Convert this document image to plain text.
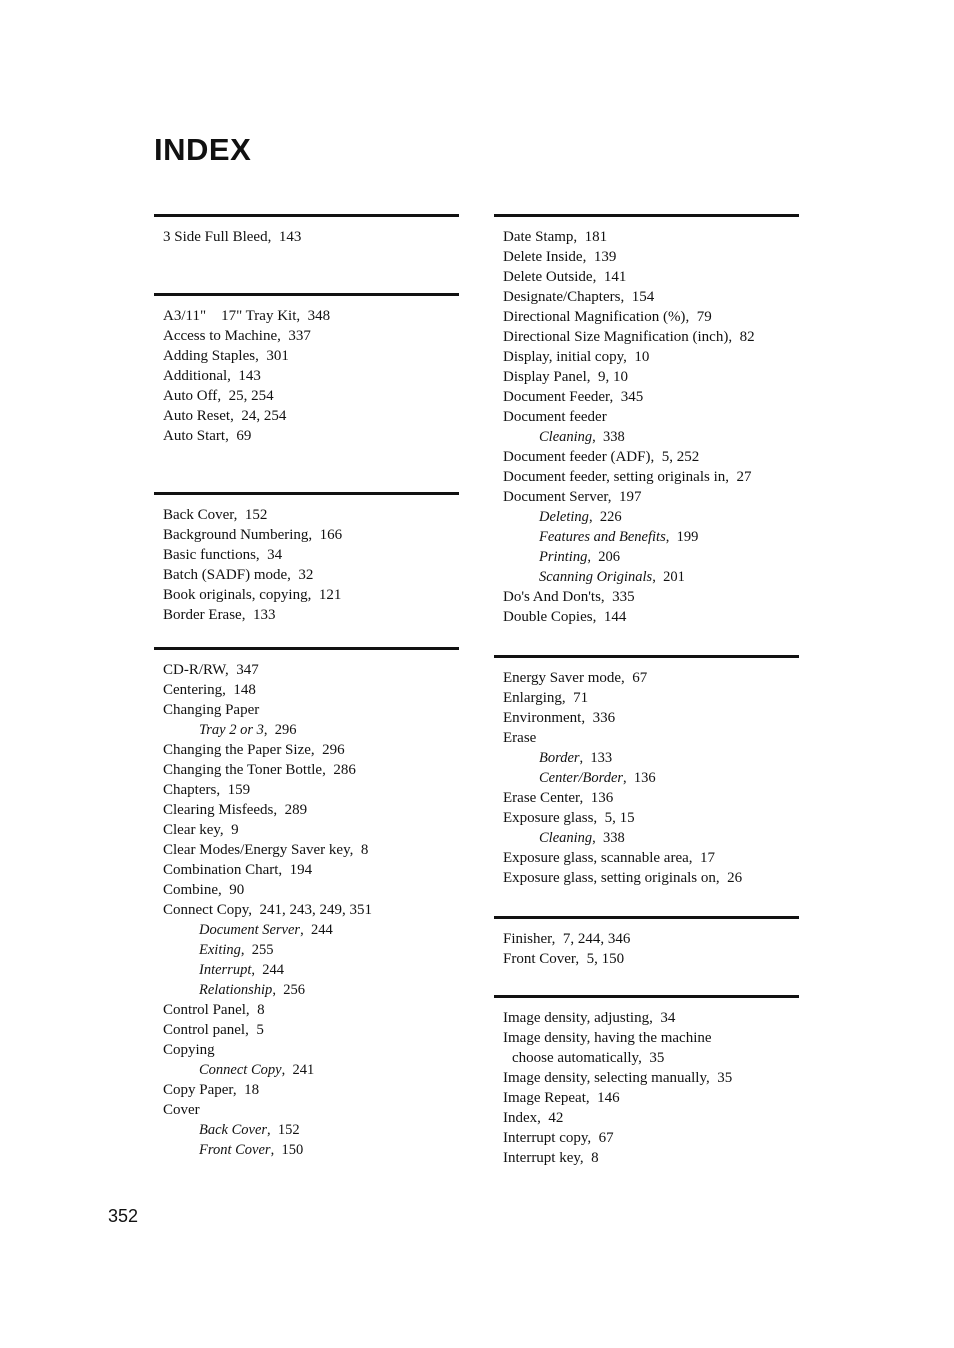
INDEX
3 Side Full Bleed ,  143
A3/11"    17" Tray Kit ,  348
Access to Machine ,  337
Adding Staples ,  301
Additional ,  143
Auto Off ,  25, 254
Auto Reset ,  24, 254
Auto Start ,  69
Back Cover ,  152
Background Numbering ,  166
Basic functions ,  34
Batch (SADF) mode ,  32
Book originals, copying ,  121
Border Erase ,  133
CD-R/RW ,  347
Centering ,  148
Changing Paper
Tray 2 or 3 ,  296
Changing the Paper Size ,  296
Changing the Toner Bottle ,  286
Chapters ,  159
Clearing Misfeeds ,  289
Clear key ,  9
Clear Modes/Energy Saver key ,  8
Combination Chart ,  194
Combine ,  90
Connect Copy ,  241, 243, 249, 351
Document Server ,  244
Exiting ,  255
Interrupt ,  244
Relationship ,  256
Control Panel ,  8
Control panel ,  5
Copying
Connect Copy ,  241
Copy Paper ,  18
Cover
Back Cover ,  152
Front Cover ,  150
Date Stamp ,  181
Delete Inside ,  139
Delete Outside ,  141
Designate/Chapters ,  154
Directional Magnification (%) ,  79
Directional Size Magnification (inch) ,  82
Display, initial copy ,  10
Display Panel ,  9, 10
Document Feeder ,  345
Document feeder
Cleaning ,  338
Document feeder (ADF) ,  5, 252
Document feeder, setting originals in ,  27
Document Server ,  197
Deleting ,  226
Features and Benefits ,  199
Printing ,  206
Scanning Originals ,  201
Do's And Don'ts ,  335
Double Copies ,  144
Energy Saver mode ,  67
Enlarging ,  71
Environment ,  336
Erase
Border ,  133
Center/Border ,  136
Erase Center ,  136
Exposure glass ,  5, 15
Cleaning ,  338
Exposure glass, scannable area ,  17
Exposure glass, setting originals on ,  26
Finisher ,  7, 244, 346
Front Cover ,  5, 150
Image density, adjusting ,  34
Image density, having the machine
choose automatically ,  35
Image density, selecting manually ,  35
Image Repeat ,  146
Index ,  42
Interrupt copy ,  67
Interrupt key ,  8
352
